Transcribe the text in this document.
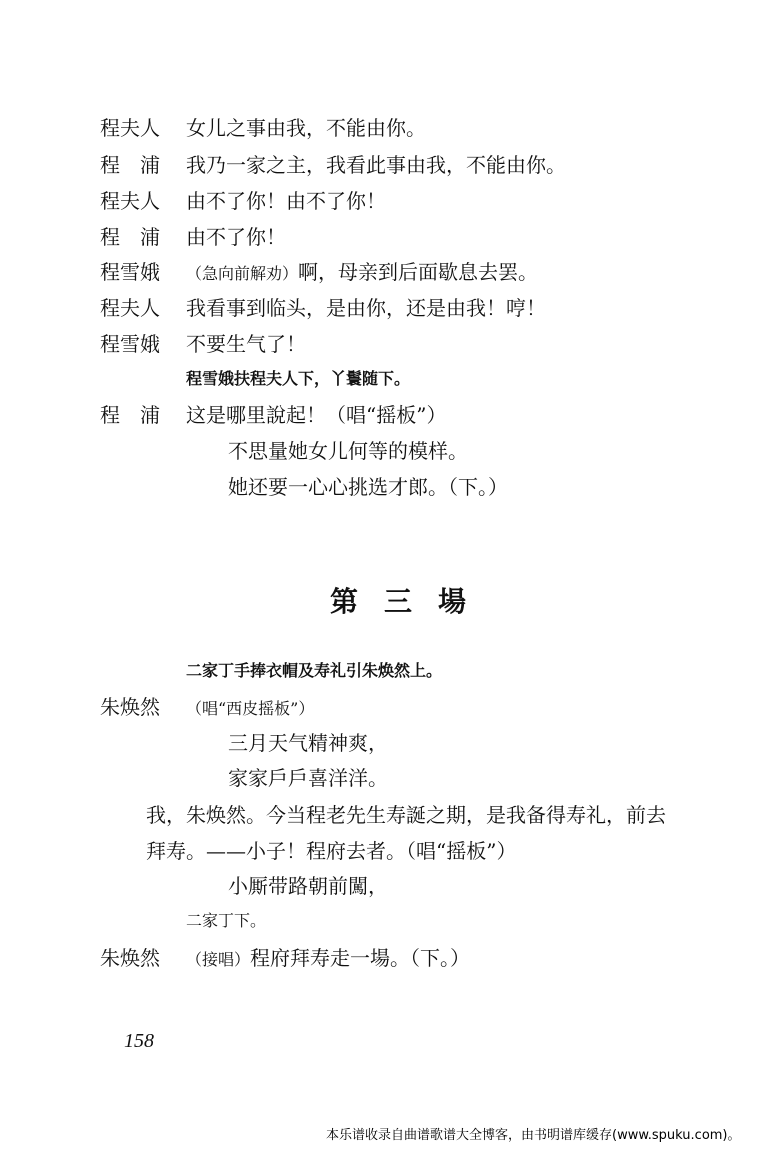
程夫人 女儿之事由我，不能由你。
程　浦 我乃一家之主，我看此事由我，不能由你。
程夫人 由不了你！由不了你！
程　浦 由不了你！
程雪娥 （急向前解劝）啊，母亲到后面歇息去罢。
程夫人 我看事到临头，是由你，还是由我！哼！
程雪娥 不要生气了！
程雪娥扶程夫人下，丫鬟随下。
程　浦 这是哪里說起！（唱“摇板”）
不思量她女儿何等的模样。
她还要一心心挑选才郎。（下。）
第三場
二家丁手捧衣帽及寿礼引朱焕然上。
朱焕然 （唱“西皮摇板”）
三月天气精神爽，
家家戶戶喜洋洋。
我，朱焕然。今当程老先生寿誕之期，是我备得寿礼，前去
拜寿。——小子！程府去者。（唱“摇板”）
小厮带路朝前闖，
二家丁下。
朱焕然 （接唱）程府拜寿走一場。（下。）
158
本乐谱收录自曲谱歌谱大全博客，由书明谱库缓存(www.spuku.com)。
